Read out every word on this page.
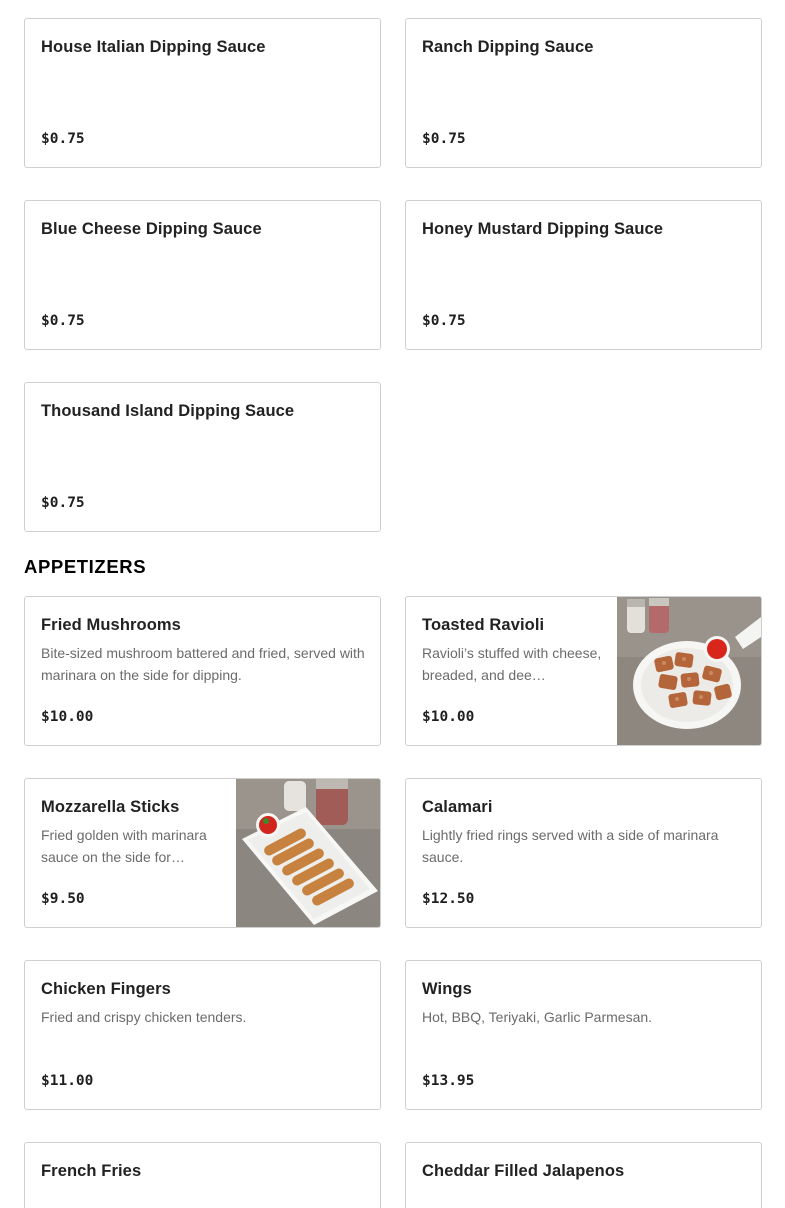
House Italian Dipping Sauce
$0.75
Ranch Dipping Sauce
$0.75
Blue Cheese Dipping Sauce
$0.75
Honey Mustard Dipping Sauce
$0.75
Thousand Island Dipping Sauce
$0.75
APPETIZERS
Fried Mushrooms
Bite-sized mushroom battered and fried, served with marinara on the side for dipping.
$10.00
Toasted Ravioli
Ravioli’s stuffed with cheese, breaded, and dee…
$10.00
Mozzarella Sticks
Fried golden with marinara sauce on the side for…
$9.50
Calamari
Lightly fried rings served with a side of marinara sauce.
$12.50
Chicken Fingers
Fried and crispy chicken tenders.
$11.00
Wings
Hot, BBQ, Teriyaki, Garlic Parmesan.
$13.95
French Fries	Cheddar Filled Jalapenos
